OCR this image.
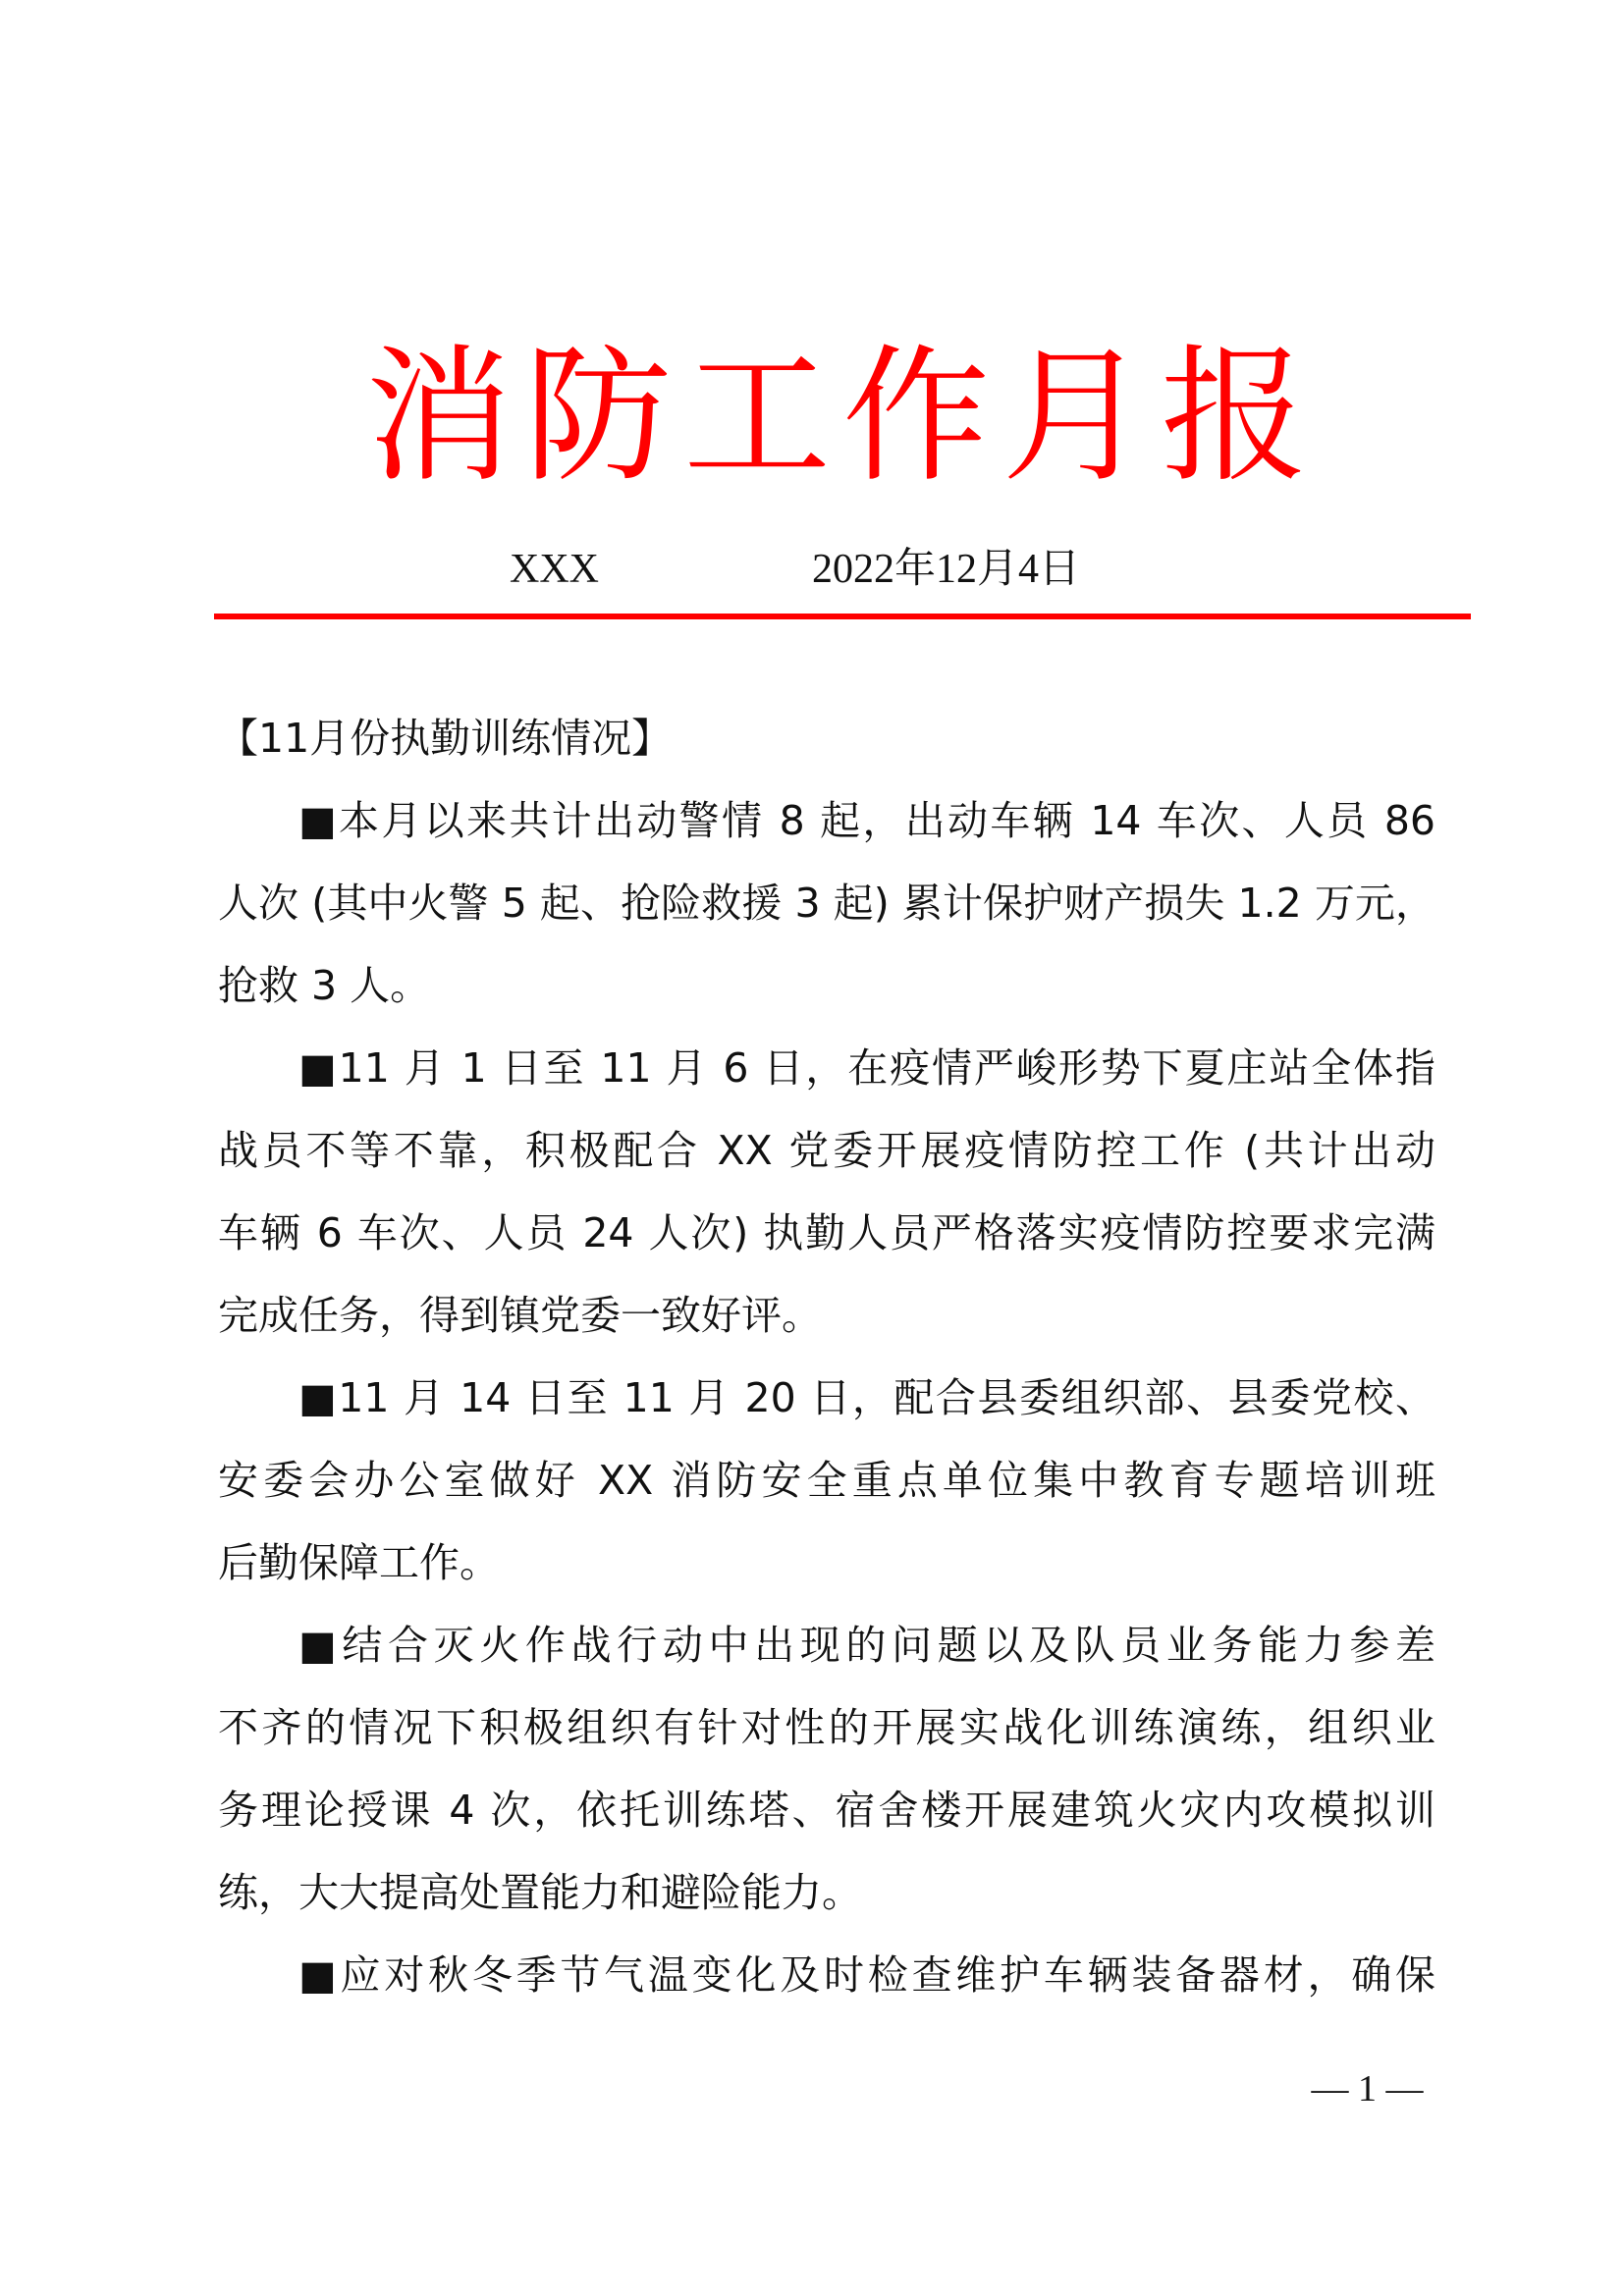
消防工作月报
XXX	2022年12月4日
【11月份执勤训练情况】
■本月以来共计出动警情 8 起，出动车辆 14 车次、人员 86
人次 (其中火警 5 起、抢险救援 3 起) 累计保护财产损失 1.2 万元，
抢救 3 人。
■11 月 1 日至 11 月 6 日，在疫情严峻形势下夏庄站全体指
战员不等不靠，积极配合 XX 党委开展疫情防控工作 (共计出动
车辆 6 车次、人员 24 人次) 执勤人员严格落实疫情防控要求完满
完成任务，得到镇党委一致好评。
■11 月 14 日至 11 月 20 日，配合县委组织部、县委党校、
安委会办公室做好 XX 消防安全重点单位集中教育专题培训班
后勤保障工作。
■结合灭火作战行动中出现的问题以及队员业务能力参差
不齐的情况下积极组织有针对性的开展实战化训练演练，组织业
务理论授课 4 次，依托训练塔、宿舍楼开展建筑火灾内攻模拟训
练，大大提高处置能力和避险能力。
■应对秋冬季节气温变化及时检查维护车辆装备器材，确保
— 1 —
